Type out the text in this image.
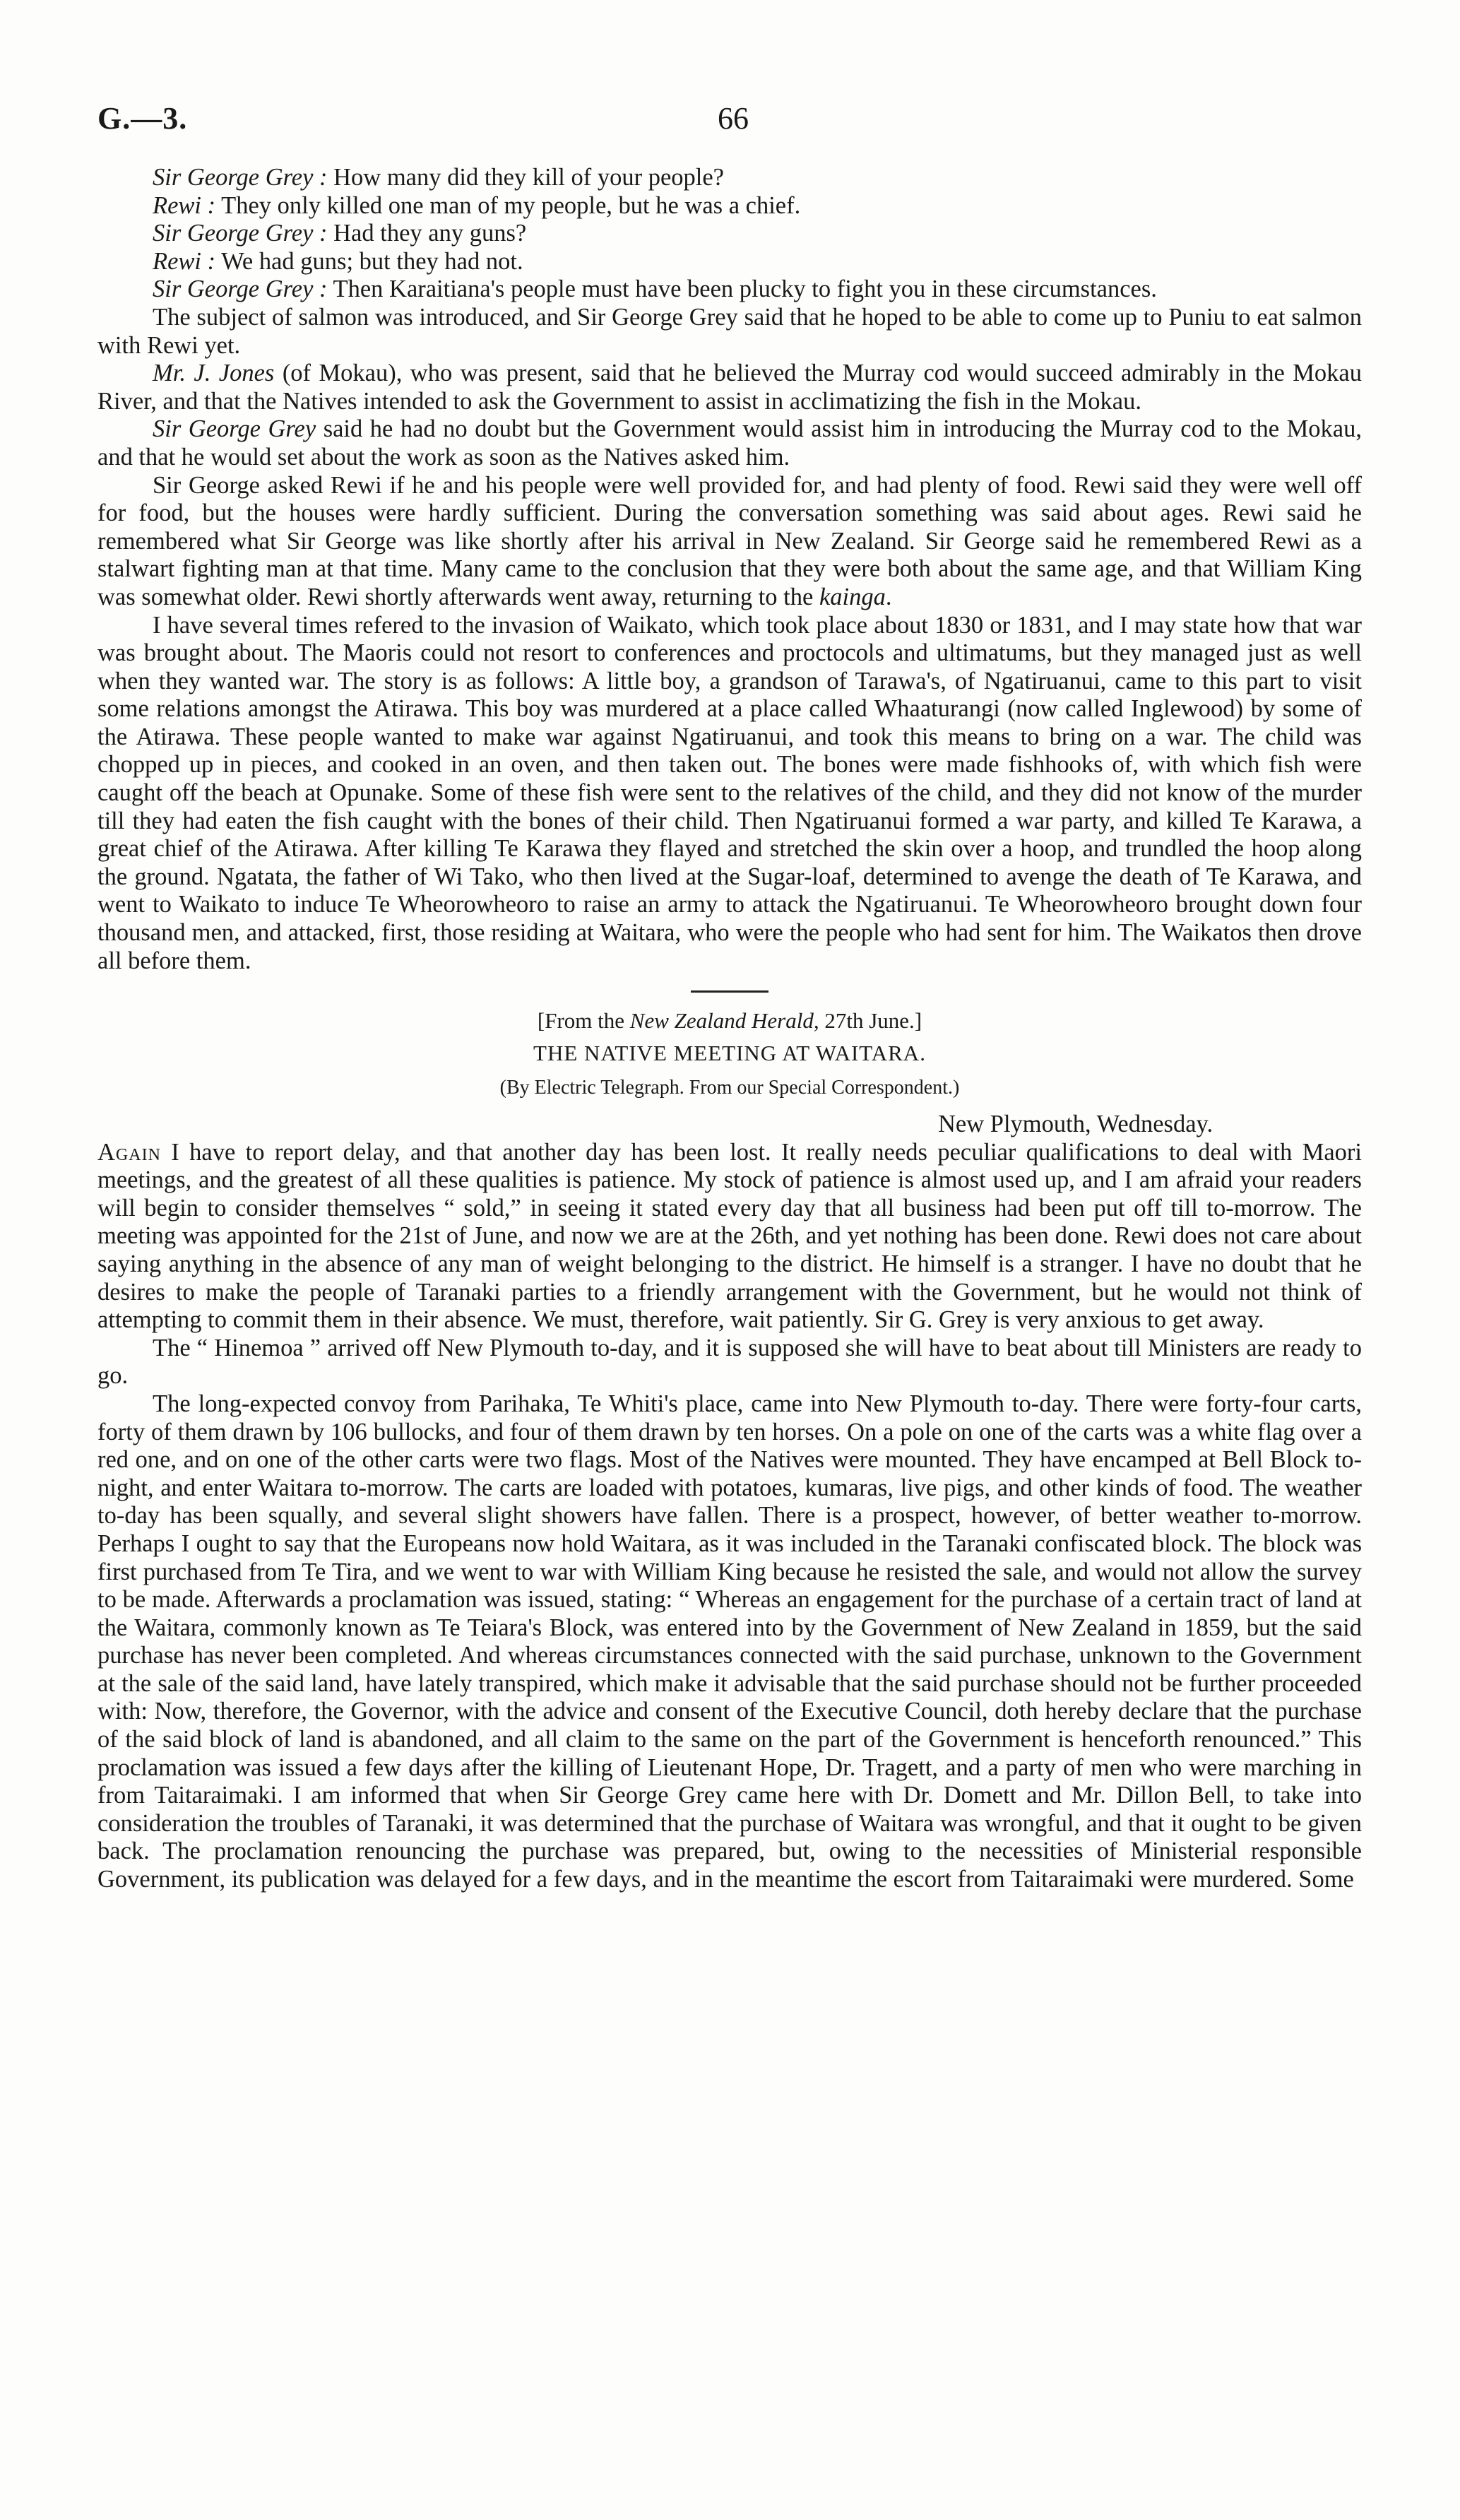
G.—3.	66

Sir George Grey : How many did they kill of your people?

Rewi : They only killed one man of my people, but he was a chief.

Sir George Grey : Had they any guns?

Rewi : We had guns; but they had not.

Sir George Grey : Then Karaitiana's people must have been plucky to fight you in these circumstances.

The subject of salmon was introduced, and Sir George Grey said that he hoped to be able to come up to Puniu to eat salmon with Rewi yet.

Mr. J. Jones (of Mokau), who was present, said that he believed the Murray cod would succeed admirably in the Mokau River, and that the Natives intended to ask the Government to assist in acclimatizing the fish in the Mokau.

Sir George Grey said he had no doubt but the Government would assist him in introducing the Murray cod to the Mokau, and that he would set about the work as soon as the Natives asked him.

Sir George asked Rewi if he and his people were well provided for, and had plenty of food. Rewi said they were well off for food, but the houses were hardly sufficient. During the conversation something was said about ages. Rewi said he remembered what Sir George was like shortly after his arrival in New Zealand. Sir George said he remembered Rewi as a stalwart fighting man at that time. Many came to the conclusion that they were both about the same age, and that William King was somewhat older. Rewi shortly afterwards went away, returning to the kainga.

I have several times refered to the invasion of Waikato, which took place about 1830 or 1831, and I may state how that war was brought about. The Maoris could not resort to conferences and proctocols and ultimatums, but they managed just as well when they wanted war. The story is as follows: A little boy, a grandson of Tarawa's, of Ngatiruanui, came to this part to visit some relations amongst the Atirawa. This boy was murdered at a place called Whaaturangi (now called Inglewood) by some of the Atirawa. These people wanted to make war against Ngatiruanui, and took this means to bring on a war. The child was chopped up in pieces, and cooked in an oven, and then taken out. The bones were made fishhooks of, with which fish were caught off the beach at Opunake. Some of these fish were sent to the relatives of the child, and they did not know of the murder till they had eaten the fish caught with the bones of their child. Then Ngatiruanui formed a war party, and killed Te Karawa, a great chief of the Atirawa. After killing Te Karawa they flayed and stretched the skin over a hoop, and trundled the hoop along the ground. Ngatata, the father of Wi Tako, who then lived at the Sugar-loaf, determined to avenge the death of Te Karawa, and went to Waikato to induce Te Wheorowheoro to raise an army to attack the Ngatiruanui. Te Wheorowheoro brought down four thousand men, and attacked, first, those residing at Waitara, who were the people who had sent for him. The Waikatos then drove all before them.

[From the New Zealand Herald, 27th June.]

THE NATIVE MEETING AT WAITARA.

(By Electric Telegraph. From our Special Correspondent.)

New Plymouth, Wednesday.

Again I have to report delay, and that another day has been lost. It really needs peculiar qualifications to deal with Maori meetings, and the greatest of all these qualities is patience. My stock of patience is almost used up, and I am afraid your readers will begin to consider themselves “ sold,” in seeing it stated every day that all business had been put off till to-morrow. The meeting was appointed for the 21st of June, and now we are at the 26th, and yet nothing has been done. Rewi does not care about saying anything in the absence of any man of weight belonging to the district. He himself is a stranger. I have no doubt that he desires to make the people of Taranaki parties to a friendly arrangement with the Government, but he would not think of attempting to commit them in their absence. We must, therefore, wait patiently. Sir G. Grey is very anxious to get away.

The “ Hinemoa ” arrived off New Plymouth to-day, and it is supposed she will have to beat about till Ministers are ready to go.

The long-expected convoy from Parihaka, Te Whiti's place, came into New Plymouth to-day. There were forty-four carts, forty of them drawn by 106 bullocks, and four of them drawn by ten horses. On a pole on one of the carts was a white flag over a red one, and on one of the other carts were two flags. Most of the Natives were mounted. They have encamped at Bell Block to-night, and enter Waitara to-morrow. The carts are loaded with potatoes, kumaras, live pigs, and other kinds of food. The weather to-day has been squally, and several slight showers have fallen. There is a prospect, however, of better weather to-morrow. Perhaps I ought to say that the Europeans now hold Waitara, as it was included in the Taranaki confiscated block. The block was first purchased from Te Tira, and we went to war with William King because he resisted the sale, and would not allow the survey to be made. Afterwards a proclamation was issued, stating: “ Whereas an engagement for the purchase of a certain tract of land at the Waitara, commonly known as Te Teiara's Block, was entered into by the Government of New Zealand in 1859, but the said purchase has never been completed. And whereas circumstances connected with the said purchase, unknown to the Government at the sale of the said land, have lately transpired, which make it advisable that the said purchase should not be further proceeded with: Now, therefore, the Governor, with the advice and consent of the Executive Council, doth hereby declare that the purchase of the said block of land is abandoned, and all claim to the same on the part of the Government is henceforth renounced.” This proclamation was issued a few days after the killing of Lieutenant Hope, Dr. Tragett, and a party of men who were marching in from Taitaraimaki. I am informed that when Sir George Grey came here with Dr. Domett and Mr. Dillon Bell, to take into consideration the troubles of Taranaki, it was determined that the purchase of Waitara was wrongful, and that it ought to be given back. The proclamation renouncing the purchase was prepared, but, owing to the necessities of Ministerial responsible Government, its publication was delayed for a few days, and in the meantime the escort from Taitaraimaki were murdered. Some
